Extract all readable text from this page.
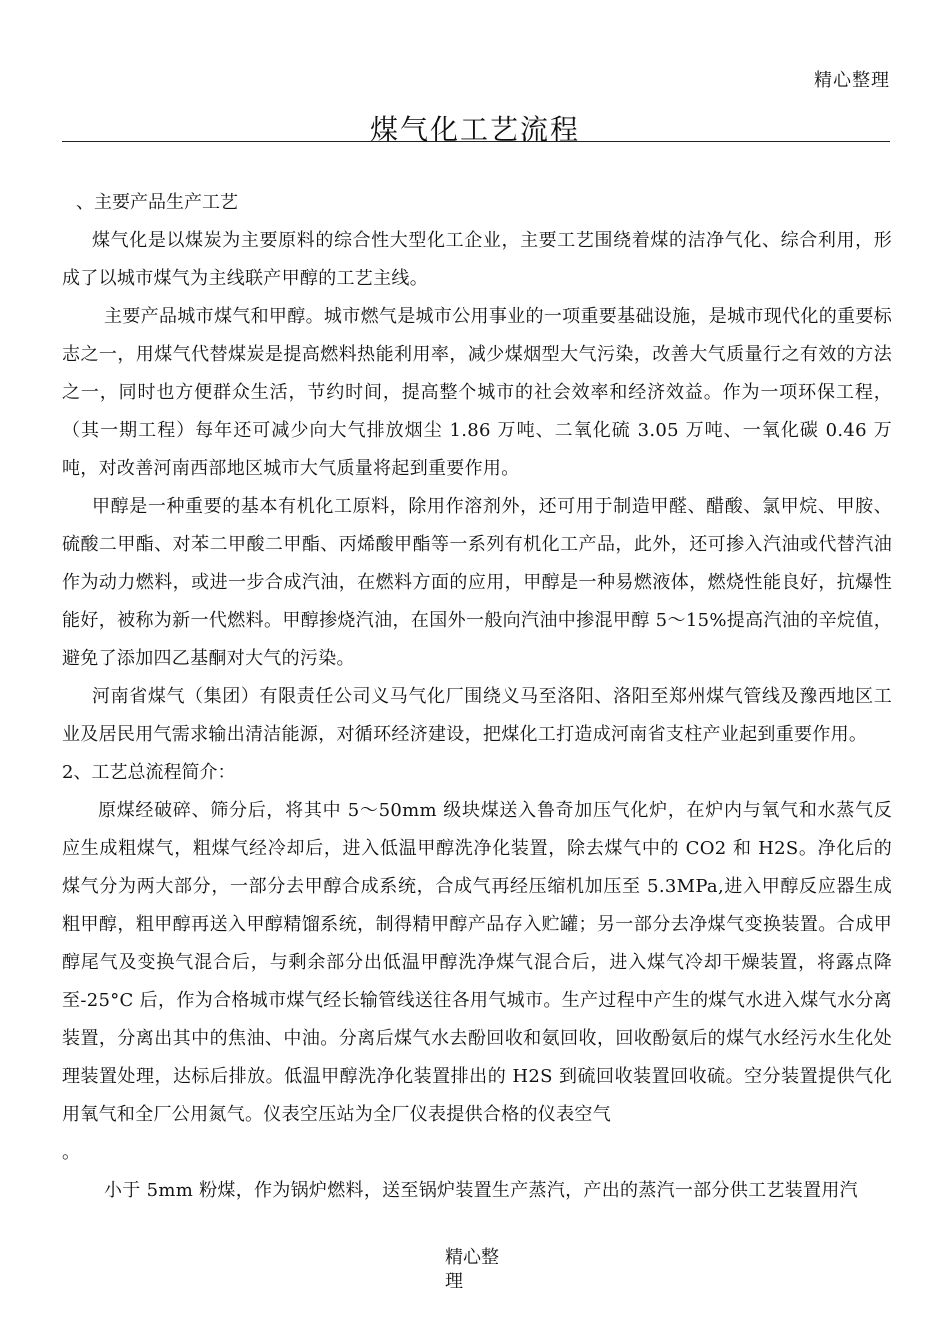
精心整理
煤气化工艺流程

、主要产品生产工艺

煤气化是以煤炭为主要原料的综合性大型化工企业，主要工艺围绕着煤的洁净气化、综合利用，形成了以城市煤气为主线联产甲醇的工艺主线。

主要产品城市煤气和甲醇。城市燃气是城市公用事业的一项重要基础设施，是城市现代化的重要标志之一，用煤气代替煤炭是提高燃料热能利用率，减少煤烟型大气污染，改善大气质量行之有效的方法之一，同时也方便群众生活，节约时间，提高整个城市的社会效率和经济效益。作为一项环保工程，（其一期工程）每年还可减少向大气排放烟尘 1.86 万吨、二氧化硫 3.05 万吨、一氧化碳 0.46 万吨，对改善河南西部地区城市大气质量将起到重要作用。

甲醇是一种重要的基本有机化工原料，除用作溶剂外，还可用于制造甲醛、醋酸、氯甲烷、甲胺、硫酸二甲酯、对苯二甲酸二甲酯、丙烯酸甲酯等一系列有机化工产品，此外，还可掺入汽油或代替汽油作为动力燃料，或进一步合成汽油，在燃料方面的应用，甲醇是一种易燃液体，燃烧性能良好，抗爆性能好，被称为新一代燃料。甲醇掺烧汽油，在国外一般向汽油中掺混甲醇 5～15%提高汽油的辛烷值，避免了添加四乙基酮对大气的污染。

河南省煤气（集团）有限责任公司义马气化厂围绕义马至洛阳、洛阳至郑州煤气管线及豫西地区工业及居民用气需求输出清洁能源，对循环经济建设，把煤化工打造成河南省支柱产业起到重要作用。

2、工艺总流程简介：

原煤经破碎、筛分后，将其中 5～50mm 级块煤送入鲁奇加压气化炉，在炉内与氧气和水蒸气反应生成粗煤气，粗煤气经冷却后，进入低温甲醇洗净化装置，除去煤气中的 CO2 和 H2S。净化后的煤气分为两大部分，一部分去甲醇合成系统，合成气再经压缩机加压至 5.3MPa,进入甲醇反应器生成粗甲醇，粗甲醇再送入甲醇精馏系统，制得精甲醇产品存入贮罐；另一部分去净煤气变换装置。合成甲醇尾气及变换气混合后，与剩余部分出低温甲醇洗净煤气混合后，进入煤气冷却干燥装置，将露点降至-25°C 后，作为合格城市煤气经长输管线送往各用气城市。生产过程中产生的煤气水进入煤气水分离装置，分离出其中的焦油、中油。分离后煤气水去酚回收和氨回收，回收酚氨后的煤气水经污水生化处理装置处理，达标后排放。低温甲醇洗净化装置排出的 H2S 到硫回收装置回收硫。空分装置提供气化用氧气和全厂公用氮气。仪表空压站为全厂仪表提供合格的仪表空气

。

小于 5mm 粉煤，作为锅炉燃料，送至锅炉装置生产蒸汽，产出的蒸汽一部分供工艺装置用汽

精心整理
